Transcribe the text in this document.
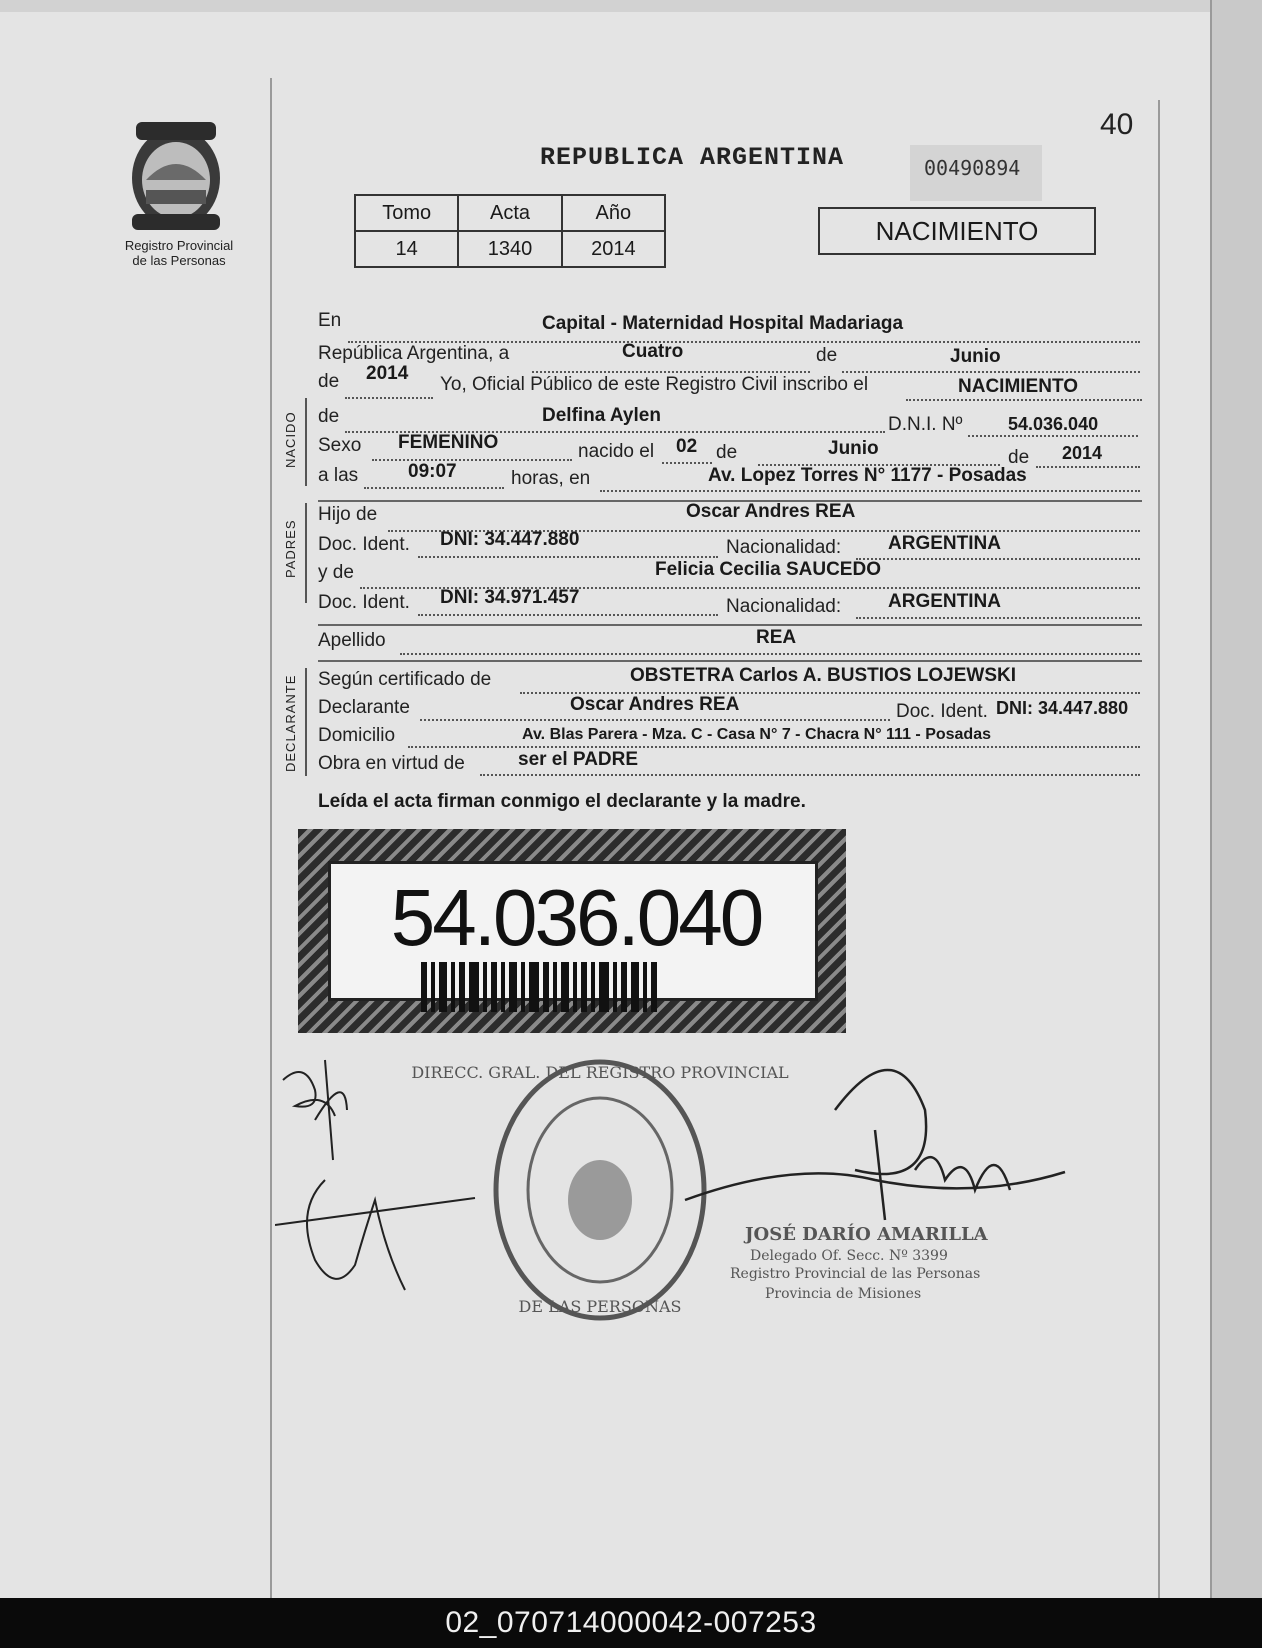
Registro Provincial
de las Personas
40
REPUBLICA ARGENTINA	00490894
Tomo	Acta	Año
14	1340	2014
NACIMIENTO
En	Capital - Maternidad Hospital Madariaga
República Argentina, a	Cuatro	de	Junio
de 2014
Yo, Oficial Público de este Registro Civil inscribo el	NACIMIENTO
NACIDO de	Delfina Aylen	D.N.I. Nº	54.036.040
Sexo FEMENINO	nacido el 02 de	Junio	de 2014
a las	09:07	horas, en	Av. Lopez Torres N° 1177 - Posadas
PADRES
Hijo de	Oscar Andres REA
Doc. Ident. DNI: 34.447.880	Nacionalidad: ARGENTINA
y de	Felicia Cecilia SAUCEDO
Doc. Ident. DNI: 34.971.457	Nacionalidad: ARGENTINA
Apellido	REA
DECLARANTE Según certificado de	OBSTETRA Carlos A. BUSTIOS LOJEWSKI
Declarante	Oscar Andres REA	Doc. Ident. DNI: 34.447.880
Domicilio	Av. Blas Parera - Mza. C - Casa N° 7 - Chacra N° 111 - Posadas
Obra en virtud de	ser el PADRE
Leída el acta firman conmigo el declarante y la madre.
54.036.040
DIRECC. GRAL. DEL REGISTRO PROVINCIAL
DE LAS PERSONAS
JOSÉ DARÍO AMARILLA
Delegado Of. Secc. Nº 3399
Registro Provincial de las Personas
Provincia de Misiones
02_070714000042-007253
